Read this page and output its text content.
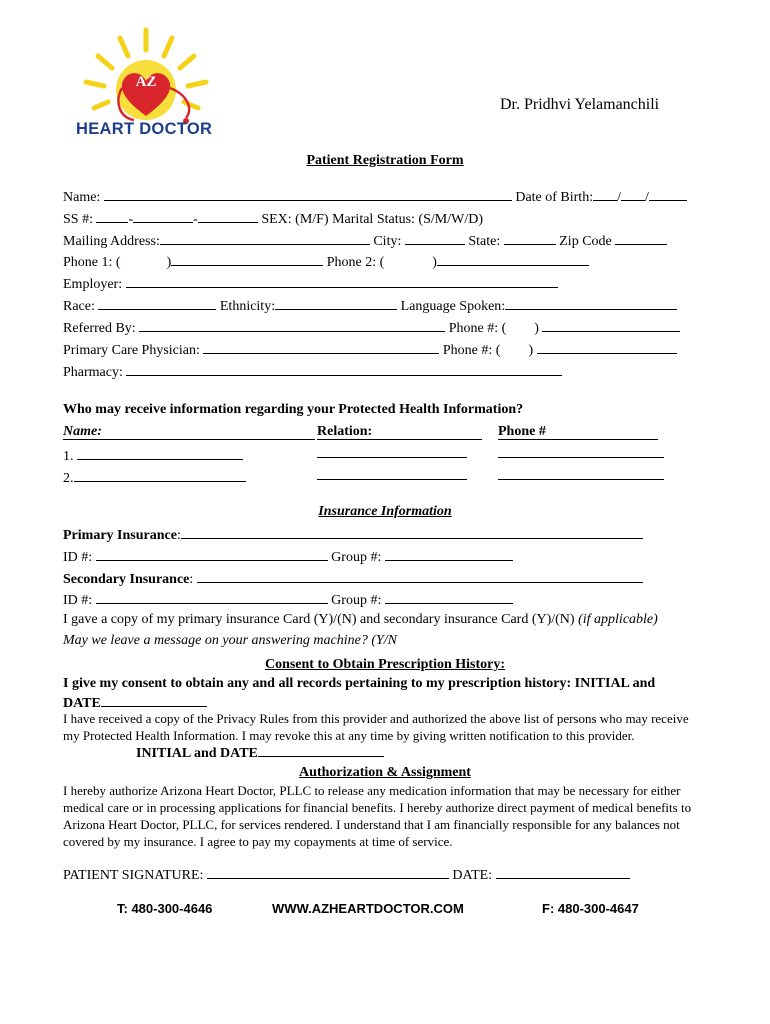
AZ
HEART DOCTOR
Dr. Pridhvi Yelamanchili
Patient Registration Form
Name:	Date of Birth: / /
SS #:	-	-	SEX: (M/F) Marital Status: (S/M/W/D)
Mailing Address:	City:	State:	Zip Code
Phone 1: (	)	Phone 2: (	)
Employer:
Race:	Ethnicity:	Language Spoken:
Referred By:	Phone #: ( )
Primary Care Physician:	Phone #: ( )
Pharmacy:
Who may receive information regarding your Protected Health Information?
Name:	Relation:	Phone #
1.
2.
Insurance Information
Primary Insurance:
ID #:	Group #:
Secondary Insurance:
ID #:	Group #:
I gave a copy of my primary insurance Card (Y)/(N) and secondary insurance Card (Y)/(N) (if applicable)
May we leave a message on your answering machine? (Y/N
Consent to Obtain Prescription History:
I give my consent to obtain any and all records pertaining to my prescription history: INITIAL and
DATE
I have received a copy of the Privacy Rules from this provider and authorized the above list of persons who may receive my Protected Health Information. I may revoke this at any time by giving written notification to this provider.
INITIAL and DATE
Authorization & Assignment
I hereby authorize Arizona Heart Doctor, PLLC to release any medication information that may be necessary for either medical care or in processing applications for financial benefits. I hereby authorize direct payment of medical benefits to Arizona Heart Doctor, PLLC, for services rendered. I understand that I am financially responsible for any balances not covered by my insurance. I agree to pay my copayments at time of service.
PATIENT SIGNATURE:	DATE:
T: 480-300-4646	WWW.AZHEARTDOCTOR.COM	F: 480-300-4647
